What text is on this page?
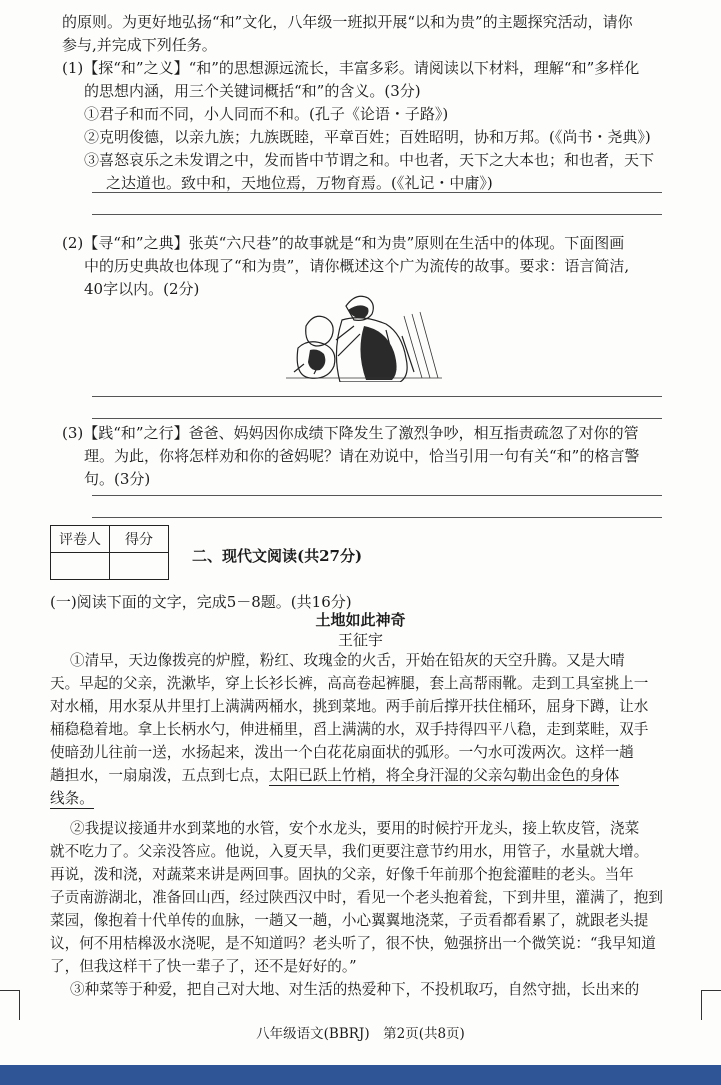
的原则。为更好地弘扬“和”文化，八年级一班拟开展“以和为贵”的主题探究活动，请你
参与,并完成下列任务。
(1)【探“和”之义】“和”的思想源远流长，丰富多彩。请阅读以下材料，理解“和”多样化
的思想内涵，用三个关键词概括“和”的含义。(3分)
①君子和而不同，小人同而不和。(孔子《论语・子路》)
②克明俊德，以亲九族；九族既睦，平章百姓；百姓昭明，协和万邦。(《尚书・尧典》)
③喜怒哀乐之未发谓之中，发而皆中节谓之和。中也者，天下之大本也；和也者，天下
之达道也。致中和，天地位焉，万物育焉。(《礼记・中庸》)
(2)【寻“和”之典】张英“六尺巷”的故事就是“和为贵”原则在生活中的体现。下面图画
中的历史典故也体现了“和为贵”，请你概述这个广为流传的故事。要求：语言简洁,
40字以内。(2分)
(3)【践“和”之行】爸爸、妈妈因你成绩下降发生了激烈争吵，相互指责疏忽了对你的管
理。为此，你将怎样劝和你的爸妈呢？请在劝说中，恰当引用一句有关“和”的格言警
句。(3分)
评卷人	得分

二、现代文阅读(共27分)
(一)阅读下面的文字，完成5－8题。(共16分)
土地如此神奇
王征宇
①清早，天边像拨亮的炉膛，粉红、玫瑰金的火舌，开始在铅灰的天空升腾。又是大晴
天。早起的父亲，洗漱毕，穿上长衫长裤，高高卷起裤腿，套上高帮雨靴。走到工具室挑上一
对水桶，用水泵从井里打上满满两桶水，挑到菜地。两手前后撑开扶住桶环，屈身下蹲，让水
桶稳稳着地。拿上长柄水勺，伸进桶里，舀上满满的水，双手持得四平八稳，走到菜畦，双手
使暗劲儿往前一送，水扬起来，泼出一个白花花扇面状的弧形。一勺水可泼两次。这样一趟
趟担水，一扇扇泼，五点到七点，太阳已跃上竹梢，将全身汗湿的父亲勾勒出金色的身体
线条。
②我提议接通井水到菜地的水管，安个水龙头，要用的时候拧开龙头，接上软皮管，浇菜
就不吃力了。父亲没答应。他说，入夏天旱，我们更要注意节约用水，用管子，水量就大增。
再说，泼和浇，对蔬菜来讲是两回事。固执的父亲，好像千年前那个抱瓮灌畦的老头。当年
子贡南游湖北，准备回山西，经过陕西汉中时，看见一个老头抱着瓮，下到井里，灌满了，抱到
菜园，像抱着十代单传的血脉，一趟又一趟，小心翼翼地浇菜，子贡看都看累了，就跟老头提
议，何不用桔槔汲水浇呢，是不知道吗？老头听了，很不快，勉强挤出一个微笑说：“我早知道
了，但我这样干了快一辈子了，还不是好好的。”
③种菜等于种爱，把自己对大地、对生活的热爱种下，不投机取巧，自然守拙，长出来的
八年级语文(BBRJ)　第2页(共8页)
